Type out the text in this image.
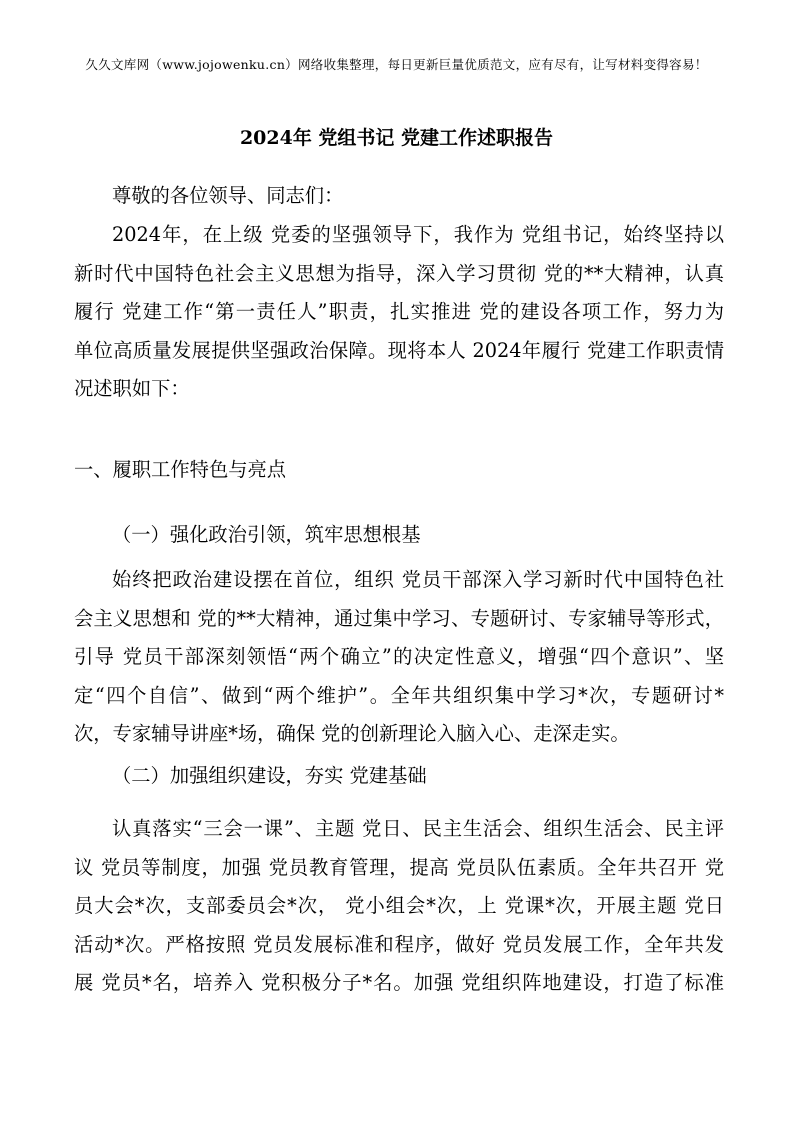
久久文库网（www.jojowenku.cn）网络收集整理，每日更新巨量优质范文，应有尽有，让写材料变得容易！
2024年 党组书记 党建工作述职报告

尊敬的各位领导、同志们：

2024年，在上级 党委的坚强领导下，我作为 党组书记，始终坚持以
新时代中国特色社会主义思想为指导，深入学习贯彻 党的**大精神，认真
履行 党建工作“第一责任人”职责，扎实推进 党的建设各项工作，努力为
单位高质量发展提供坚强政治保障。现将本人 2024年履行 党建工作职责情
况述职如下：

一、履职工作特色与亮点

（一）强化政治引领，筑牢思想根基

始终把政治建设摆在首位，组织 党员干部深入学习新时代中国特色社
会主义思想和 党的**大精神，通过集中学习、专题研讨、专家辅导等形式，
引导 党员干部深刻领悟“两个确立”的决定性意义，增强“四个意识”、坚
定“四个自信”、做到“两个维护”。全年共组织集中学习*次，专题研讨*
次，专家辅导讲座*场，确保 党的创新理论入脑入心、走深走实。

（二）加强组织建设，夯实 党建基础

认真落实“三会一课”、主题 党日、民主生活会、组织生活会、民主评
议 党员等制度，加强 党员教育管理，提高 党员队伍素质。全年共召开 党
员大会*次，支部委员会*次， 党小组会*次，上 党课*次，开展主题 党日
活动*次。严格按照 党员发展标准和程序，做好 党员发展工作，全年共发
展 党员*名，培养入 党积极分子*名。加强 党组织阵地建设，打造了标准
